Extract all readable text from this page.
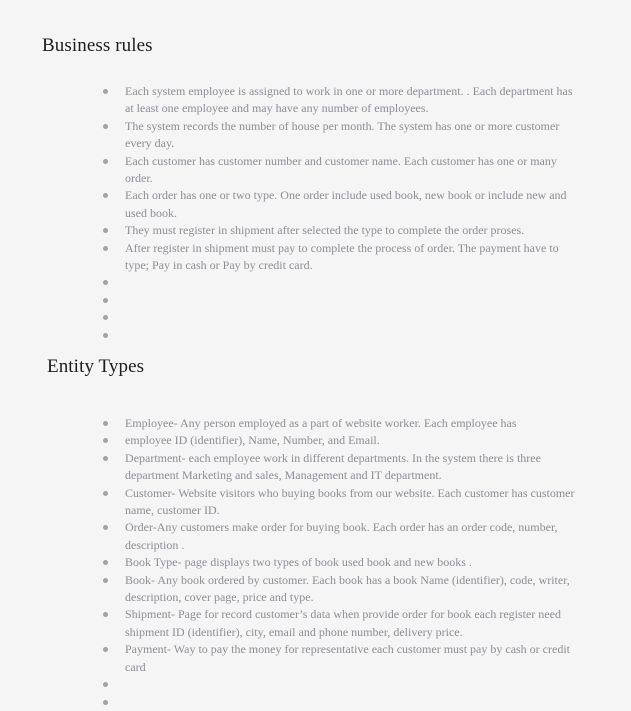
Business rules
Each system employee is assigned to work in one or more department. . Each department has at least one employee and may have any number of employees.
The system records the number of house per month. The system has one or more customer every day.
Each customer has customer number and customer name. Each customer has one or many order.
Each order has one or two type. One order include used book, new book or include new and used book.
They must register in shipment after selected the type to complete the order proses.
After register in shipment must pay to complete the process of order. The payment have to type; Pay in cash or Pay by credit card.

Entity Types
Employee- Any person employed as a part of website worker. Each employee has
employee ID (identifier), Name, Number, and Email.
Department- each employee work in different departments. In the system there is three department Marketing and sales, Management and IT department.
Customer- Website visitors who buying books from our website. Each customer has customer name, customer ID.
Order-Any customers make order for buying book. Each order has an order code, number, description .
Book Type- page displays two types of book used book and new books .
Book- Any book ordered by customer. Each book has a book Name (identifier), code, writer, description, cover page, price and type.
Shipment- Page for record customer’s data when provide order for book each register need shipment ID (identifier), city, email and phone number, delivery price.
Payment- Way to pay the money for representative each customer must pay by cash or credit card
